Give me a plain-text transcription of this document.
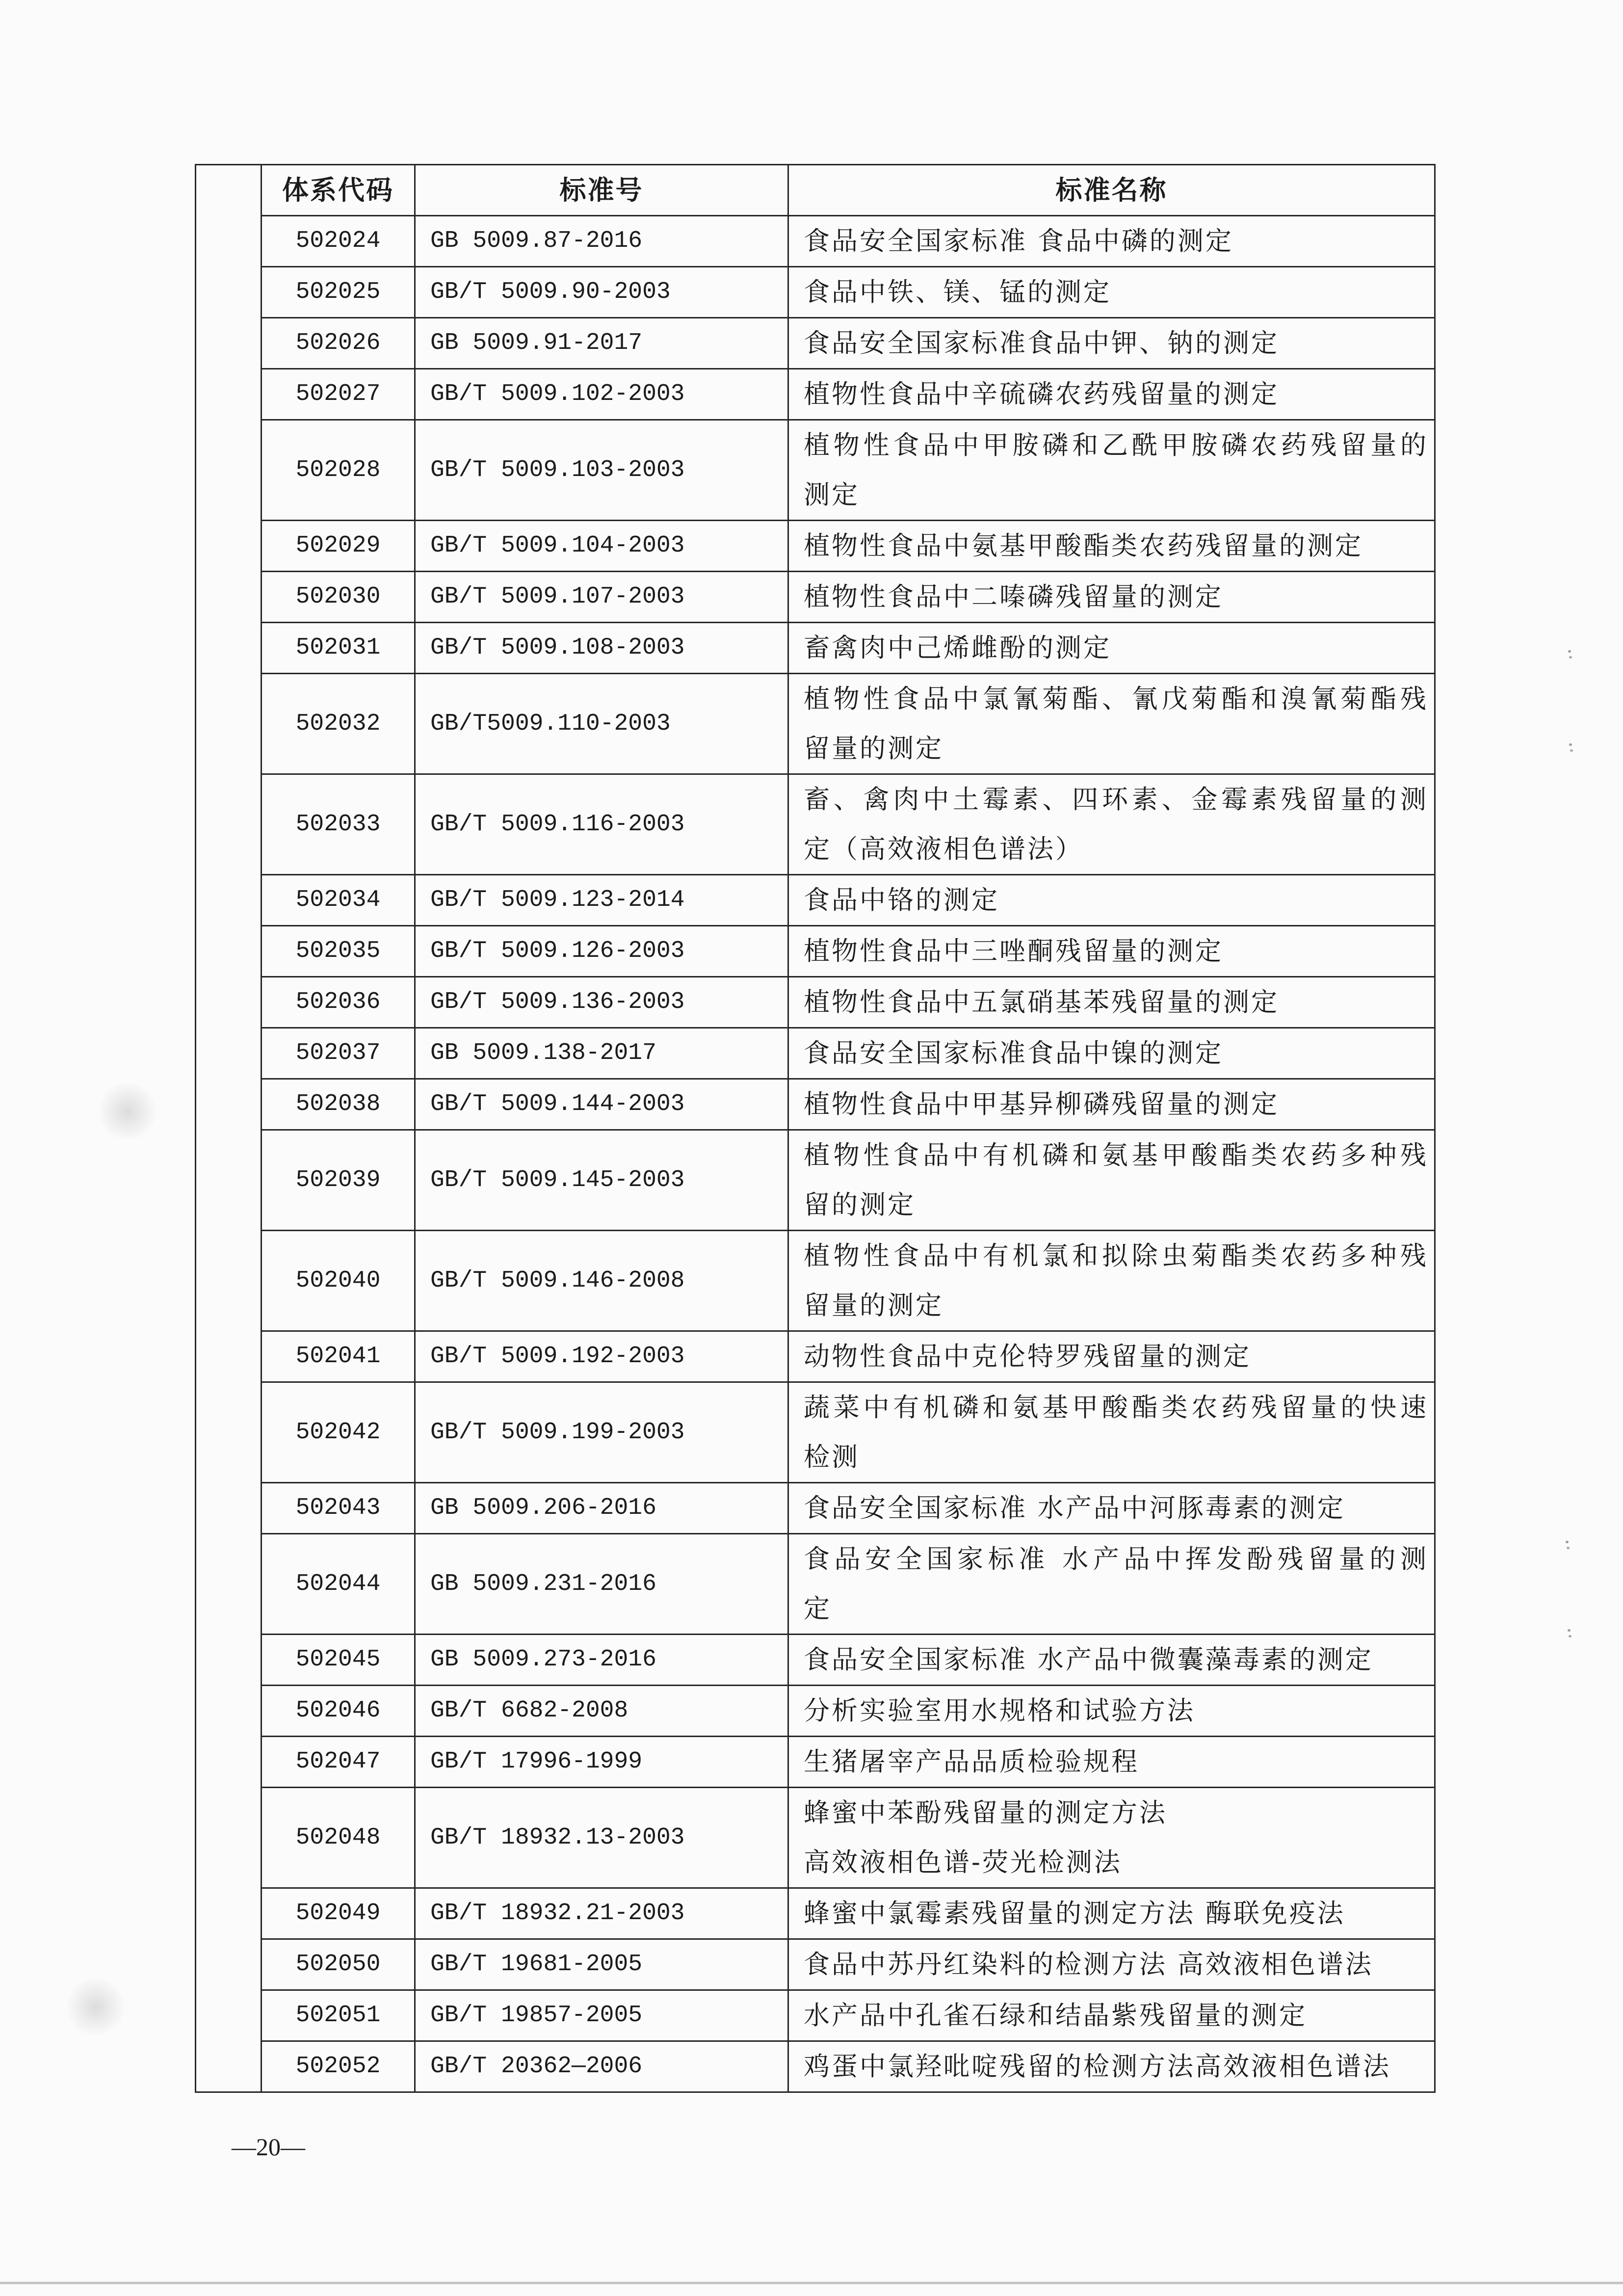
	体系代码	标准号	标准名称
	502024	GB 5009.87-2016	食品安全国家标准 食品中磷的测定

	502025	GB/T 5009.90-2003	食品中铁、镁、锰的测定

	502026	GB 5009.91-2017	食品安全国家标准食品中钾、钠的测定

	502027	GB/T 5009.102-2003	植物性食品中辛硫磷农药残留量的测定

	502028	GB/T 5009.103-2003	植物性食品中甲胺磷和乙酰甲胺磷农药残留量的
测定

	502029	GB/T 5009.104-2003	植物性食品中氨基甲酸酯类农药残留量的测定

	502030	GB/T 5009.107-2003	植物性食品中二嗪磷残留量的测定

	502031	GB/T 5009.108-2003	畜禽肉中己烯雌酚的测定

	502032	GB/T5009.110-2003	植物性食品中氯氰菊酯、氰戊菊酯和溴氰菊酯残
留量的测定

	502033	GB/T 5009.116-2003	畜、禽肉中土霉素、四环素、金霉素残留量的测
定（高效液相色谱法）

	502034	GB/T 5009.123-2014	食品中铬的测定

	502035	GB/T 5009.126-2003	植物性食品中三唑酮残留量的测定

	502036	GB/T 5009.136-2003	植物性食品中五氯硝基苯残留量的测定

	502037	GB 5009.138-2017	食品安全国家标准食品中镍的测定

	502038	GB/T 5009.144-2003	植物性食品中甲基异柳磷残留量的测定

	502039	GB/T 5009.145-2003	植物性食品中有机磷和氨基甲酸酯类农药多种残
留的测定

	502040	GB/T 5009.146-2008	植物性食品中有机氯和拟除虫菊酯类农药多种残
留量的测定

	502041	GB/T 5009.192-2003	动物性食品中克伦特罗残留量的测定

	502042	GB/T 5009.199-2003	蔬菜中有机磷和氨基甲酸酯类农药残留量的快速
检测

	502043	GB 5009.206-2016	食品安全国家标准 水产品中河豚毒素的测定

	502044	GB 5009.231-2016	食品安全国家标准 水产品中挥发酚残留量的测
定

	502045	GB 5009.273-2016	食品安全国家标准 水产品中微囊藻毒素的测定

	502046	GB/T 6682-2008	分析实验室用水规格和试验方法

	502047	GB/T 17996-1999	生猪屠宰产品品质检验规程

	502048	GB/T 18932.13-2003	蜂蜜中苯酚残留量的测定方法
高效液相色谱-荧光检测法

	502049	GB/T 18932.21-2003	蜂蜜中氯霉素残留量的测定方法 酶联免疫法

	502050	GB/T 19681-2005	食品中苏丹红染料的检测方法 高效液相色谱法

	502051	GB/T 19857-2005	水产品中孔雀石绿和结晶紫残留量的测定

	502052	GB/T 20362—2006	鸡蛋中氯羟吡啶残留的检测方法高效液相色谱法
—20—
